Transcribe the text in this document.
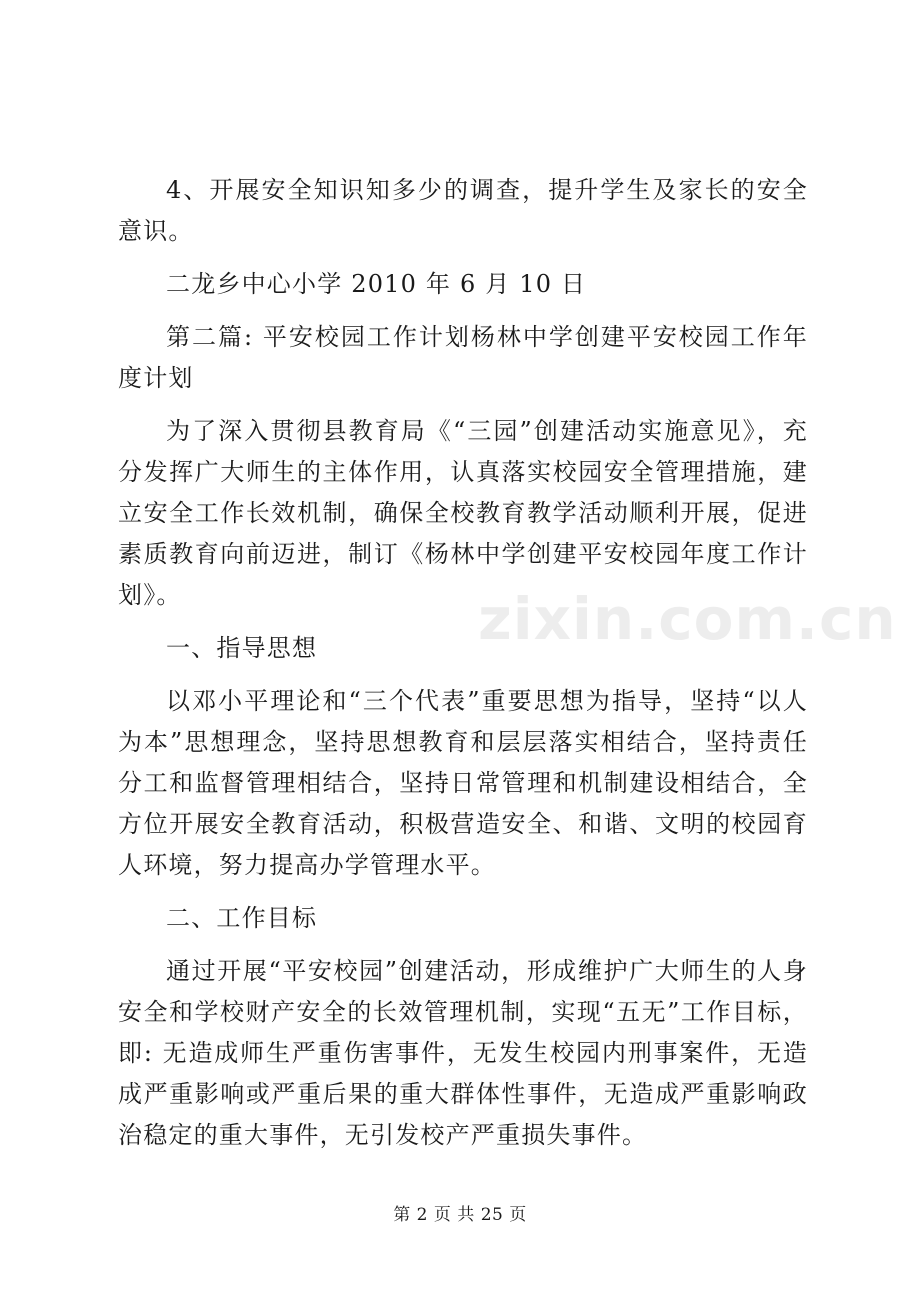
4、开展安全知识知多少的调查，提升学生及家长的安全意识。

二龙乡中心小学 2010 年 6 月 10 日

第二篇: 平安校园工作计划杨林中学创建平安校园工作年度计划

为了深入贯彻县教育局《“三园”创建活动实施意见》，充分发挥广大师生的主体作用，认真落实校园安全管理措施，建立安全工作长效机制，确保全校教育教学活动顺利开展，促进素质教育向前迈进，制订《杨林中学创建平安校园年度工作计划》。

一、指导思想

以邓小平理论和“三个代表”重要思想为指导，坚持“以人为本”思想理念，坚持思想教育和层层落实相结合，坚持责任分工和监督管理相结合，坚持日常管理和机制建设相结合，全方位开展安全教育活动，积极营造安全、和谐、文明的校园育人环境，努力提高办学管理水平。

二、工作目标

通过开展“平安校园”创建活动，形成维护广大师生的人身安全和学校财产安全的长效管理机制，实现“五无”工作目标，即: 无造成师生严重伤害事件，无发生校园内刑事案件，无造成严重影响或严重后果的重大群体性事件，无造成严重影响政治稳定的重大事件，无引发校产严重损失事件。

zixin.com.cn
第 2 页 共 25 页
